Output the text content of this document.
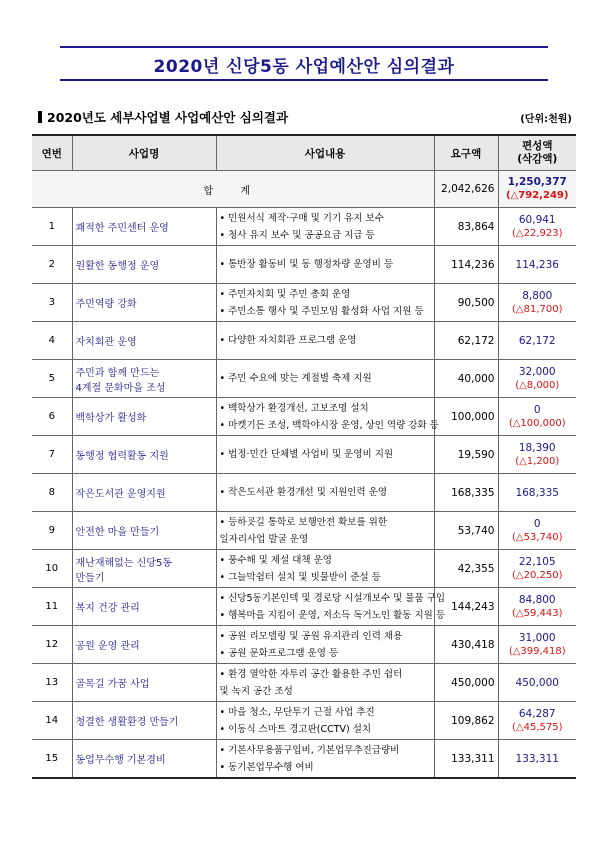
2020년 신당5동 사업예산안 심의결과
2020년도 세부사업별 사업예산안 심의결과	(단위:천원)
연번	사업명	사업내용	요구액	편성액
(삭감액)

합 계			2,042,626	1,250,377
(△792,249)

1	쾌적한 주민센터 운영	• 민원서식 제작·구매 및 기기 유지 보수
• 청사 유지 보수 및 공공요금 지급 등	83,864	60,941
(△22,923)

2	원활한 동행정 운영	• 통반장 활동비 및 동 행정차량 운영비 등	114,236	114,236

3	주민역량 강화	• 주민자치회 및 주민 총회 운영
• 주민소통 행사 및 주민모임 활성화 사업 지원 등	90,500	8,800
(△81,700)

4	자치회관 운영	• 다양한 자치회관 프로그램 운영	62,172	62,172

5	주민과 함께 만드는
4계절 문화마을 조성	• 주민 수요에 맞는 계절별 축제 지원	40,000	32,000
(△8,000)

6	백학상가 활성화	• 백학상가 환경개선, 고보조명 설치
• 마켓기든 조성, 백학야시장 운영, 상인 역량 강화 등	100,000	0
(△100,000)

7	동행정 협력활동 지원	• 법정·민간 단체별 사업비 및 운영비 지원	19,590	18,390
(△1,200)

8	작은도서관 운영지원	• 작은도서관 환경개선 및 지원인력 운영	168,335	168,335

9	안전한 마을 만들기	• 등하굣길 통학로 보행안전 확보를 위한
일자리사업 발굴 운영	53,740	0
(△53,740)

10	재난재해없는 신당5동
만들기	• 풍수해 및 제설 대책 운영
• 그늘막쉼터 설치 및 빗물받이 준설 등	42,355	22,105
(△20,250)

11	복지 건강 관리	• 신당5동기본인덱 및 경로당 시설개보수 및 물품 구입
• 행복마을 지킴이 운영, 저소득 독거노인 활동 지원 등	144,243	84,800
(△59,443)

12	공원 운영 관리	• 공원 리모델링 및 공원 유지관리 인력 채용
• 공원 문화프로그램 운영 등	430,418	31,000
(△399,418)

13	골목길 가꿈 사업	• 환경 열악한 자투리 공간 활용한 주민 쉼터
및 녹지 공간 조성	450,000	450,000

14	청결한 생활환경 만들기	• 마을 청소, 무단투기 근절 사업 추진
• 이동식 스마트 경고판(CCTV) 설치	109,862	64,287
(△45,575)

15	동업무수행 기본경비	• 기본사무용품구입비, 기본업무추진급량비
• 동기본업무수행 여비	133,311	133,311
